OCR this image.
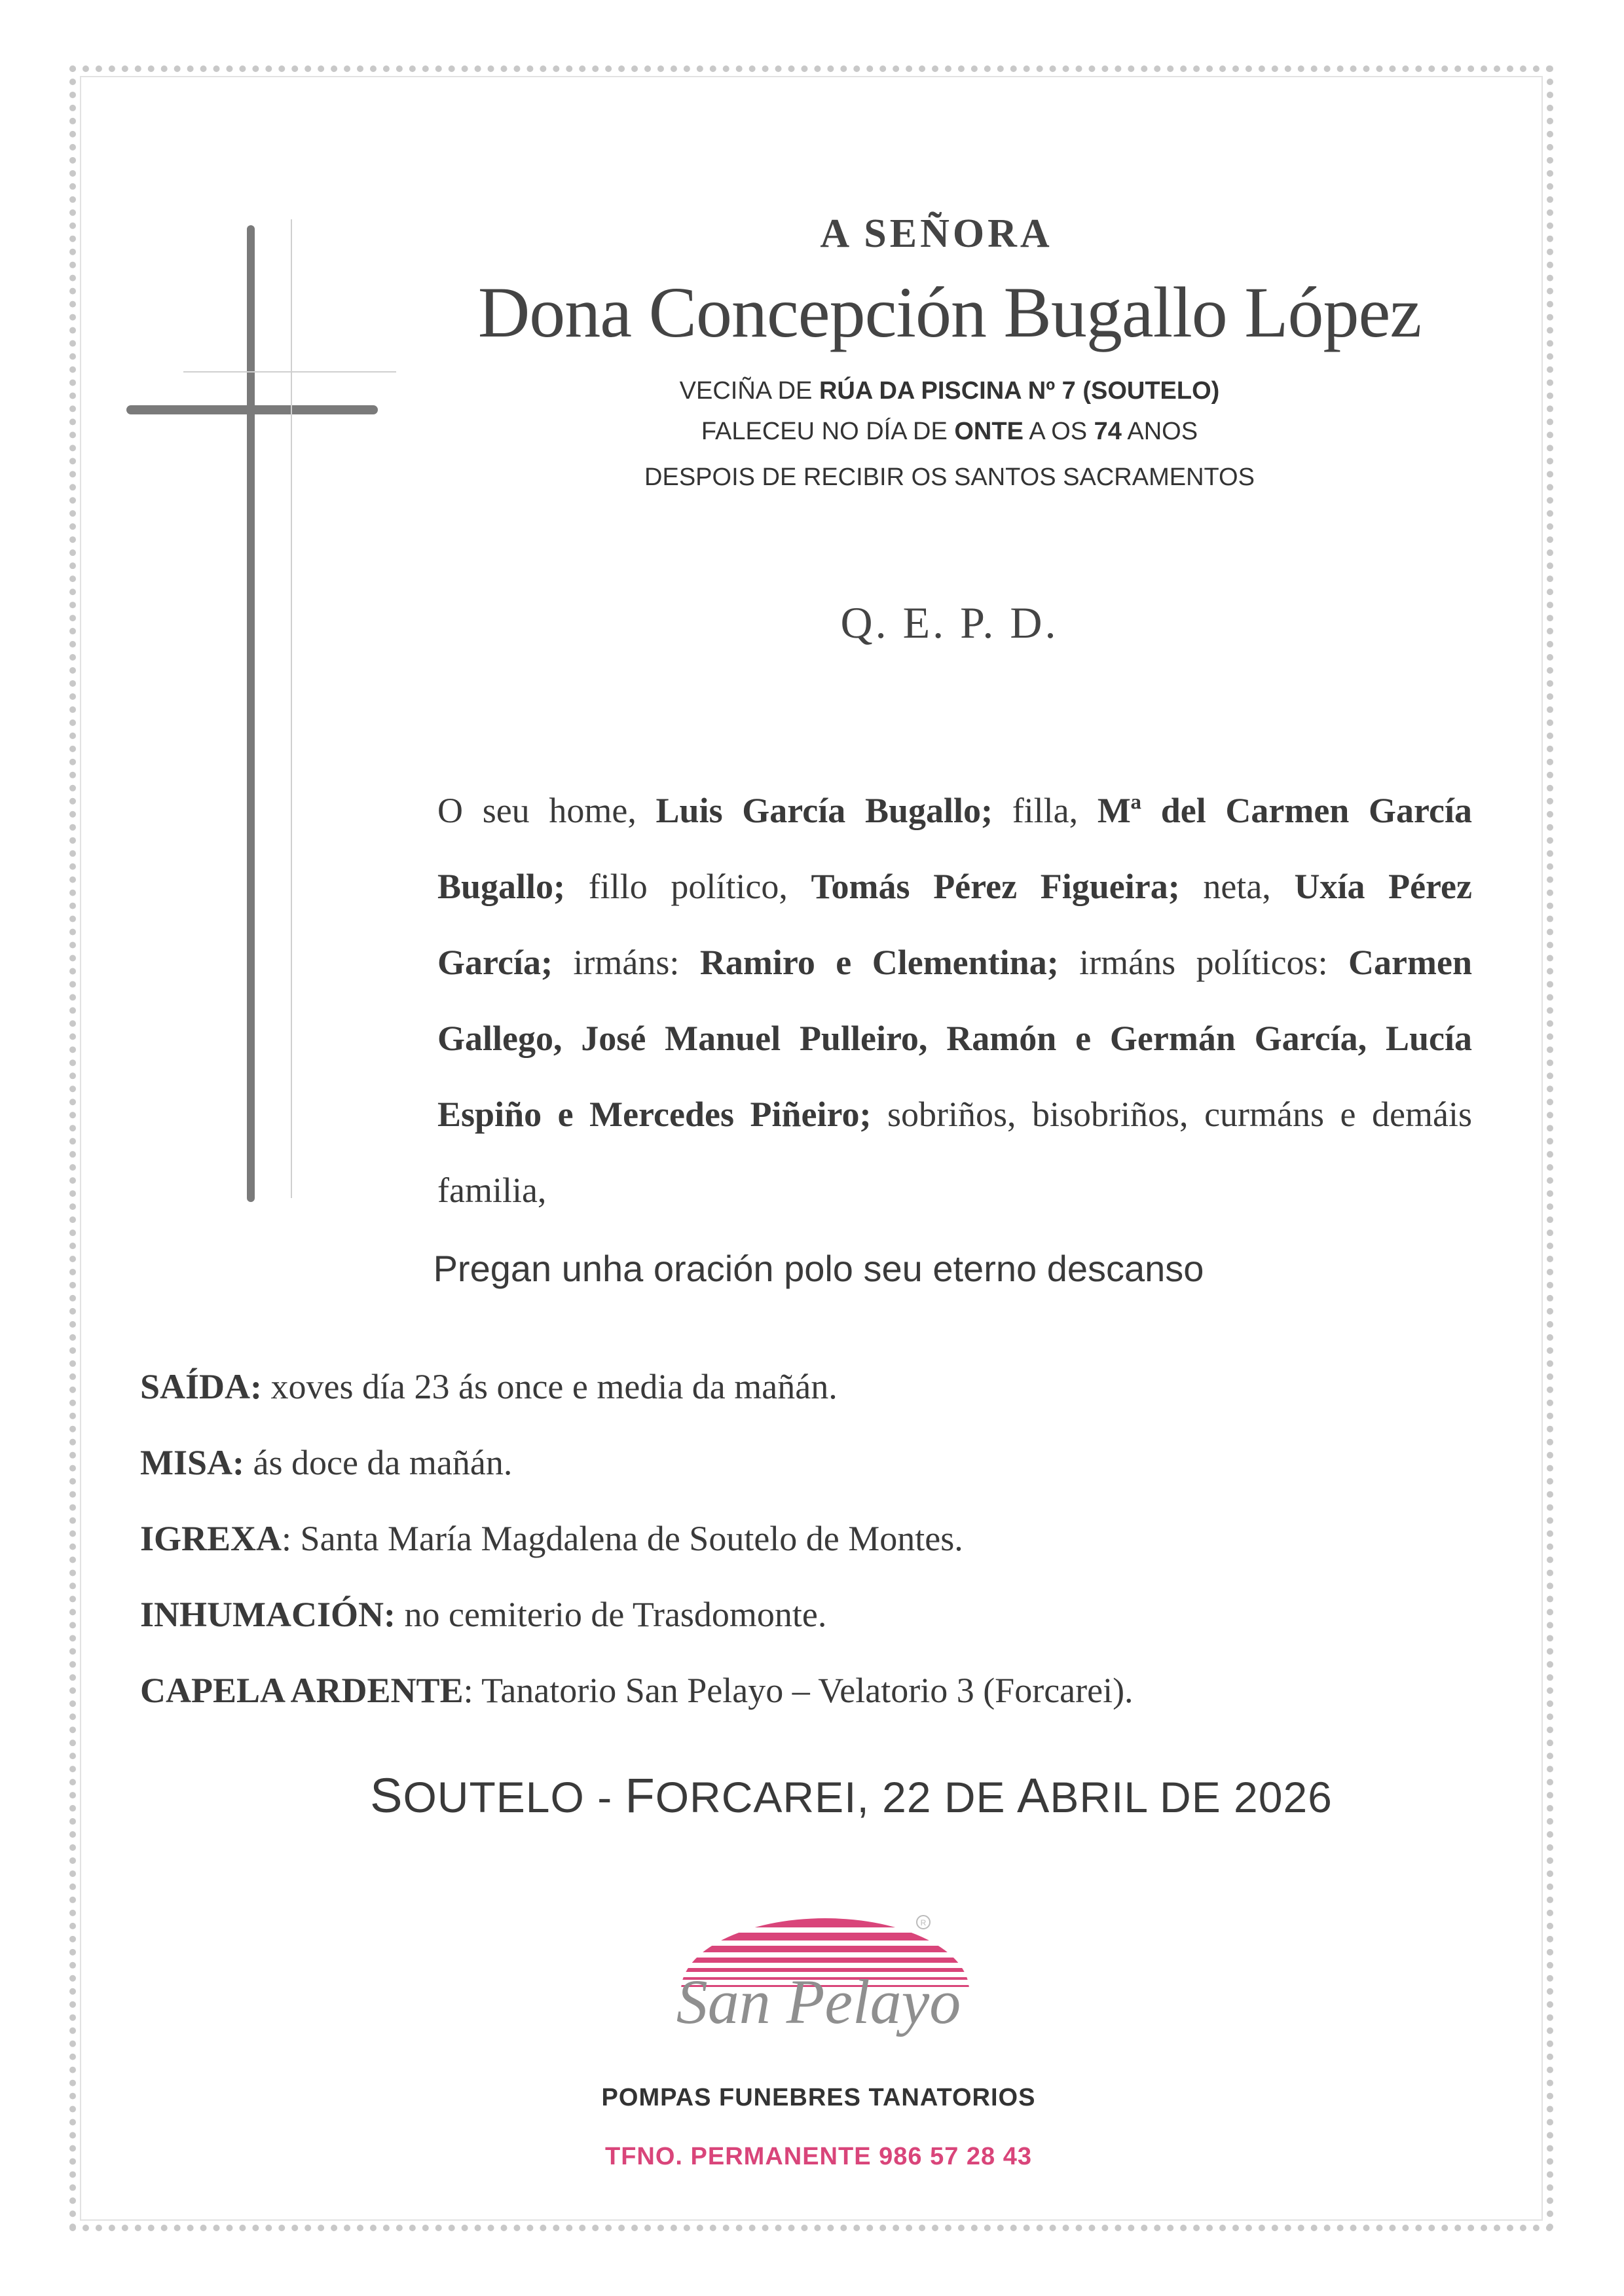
A SEÑORA
Dona Concepción Bugallo López
VECIÑA DE RÚA DA PISCINA Nº 7 (SOUTELO)
FALECEU NO DÍA DE ONTE A OS 74 ANOS
DESPOIS DE RECIBIR OS SANTOS SACRAMENTOS
Q. E. P. D.
O seu home, Luis García Bugallo; filla, Mª del Carmen García Bugallo; fillo político, Tomás Pérez Figueira; neta, Uxía Pérez García; irmáns: Ramiro e Clementina; irmáns políticos: Carmen Gallego, José Manuel Pulleiro, Ramón e Germán García, Lucía Espiño e Mercedes Piñeiro; sobriños, bisobriños, curmáns e demáis familia,
Pregan unha oración polo seu eterno descanso
SAÍDA: xoves día 23 ás once e media da mañán.
MISA: ás doce da mañán.
IGREXA: Santa María Magdalena de Soutelo de Montes.
INHUMACIÓN: no cemiterio de Trasdomonte.
CAPELA ARDENTE: Tanatorio San Pelayo – Velatorio 3 (Forcarei).
SOUTELO - FORCAREI, 22 DE ABRIL DE 2026
R
San Pelayo
POMPAS FUNEBRES TANATORIOS
TFNO. PERMANENTE 986 57 28 43
